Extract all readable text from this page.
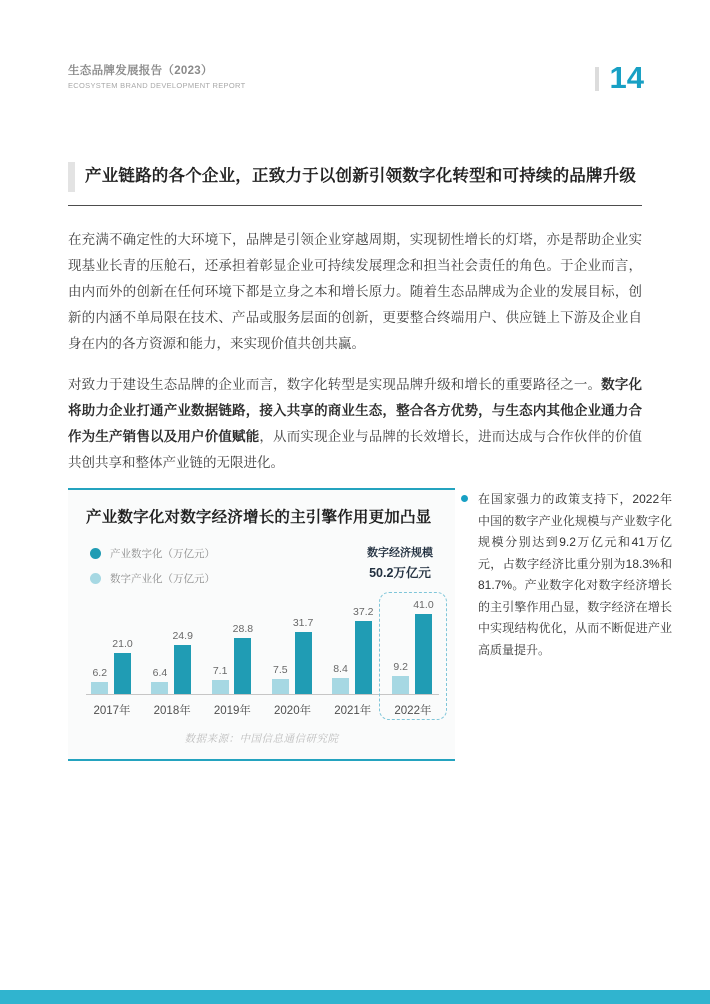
生态品牌发展报告（2023）
ECOSYSTEM BRAND DEVELOPMENT REPORT	14
产业链路的各个企业，正致力于以创新引领数字化转型和可持续的品牌升级

在充满不确定性的大环境下，品牌是引领企业穿越周期，实现韧性增长的灯塔，亦是帮助企业实现基业长青的压舱石，还承担着彰显企业可持续发展理念和担当社会责任的角色。于企业而言，由内而外的创新在任何环境下都是立身之本和增长原力。随着生态品牌成为企业的发展目标，创新的内涵不单局限在技术、产品或服务层面的创新，更要整合终端用户、供应链上下游及企业自身在内的各方资源和能力，来实现价值共创共赢。

对致力于建设生态品牌的企业而言，数字化转型是实现品牌升级和增长的重要路径之一。数字化将助力企业打通产业数据链路，接入共享的商业生态，整合各方优势，与生态内其他企业通力合作为生产销售以及用户价值赋能，从而实现企业与品牌的长效增长，进而达成与合作伙伴的价值共创共享和整体产业链的无限进化。

产业数字化对数字经济增长的主引擎作用更加凸显
产业数字化（万亿元）
数字产业化（万亿元）
数字经济规模
50.2万亿元
6.2
21.0
2017年
6.4
24.9
2018年
7.1
28.8
2019年
7.5
31.7
2020年
8.4
37.2
2021年
9.2
41.0
2022年
数据来源：中国信息通信研究院
在国家强力的政策支持下，2022年中国的数字产业化规模与产业数字化规模分别达到9.2万亿元和41万亿元，占数字经济比重分别为18.3%和81.7%。产业数字化对数字经济增长的主引擎作用凸显，数字经济在增长中实现结构优化，从而不断促进产业高质量提升。
